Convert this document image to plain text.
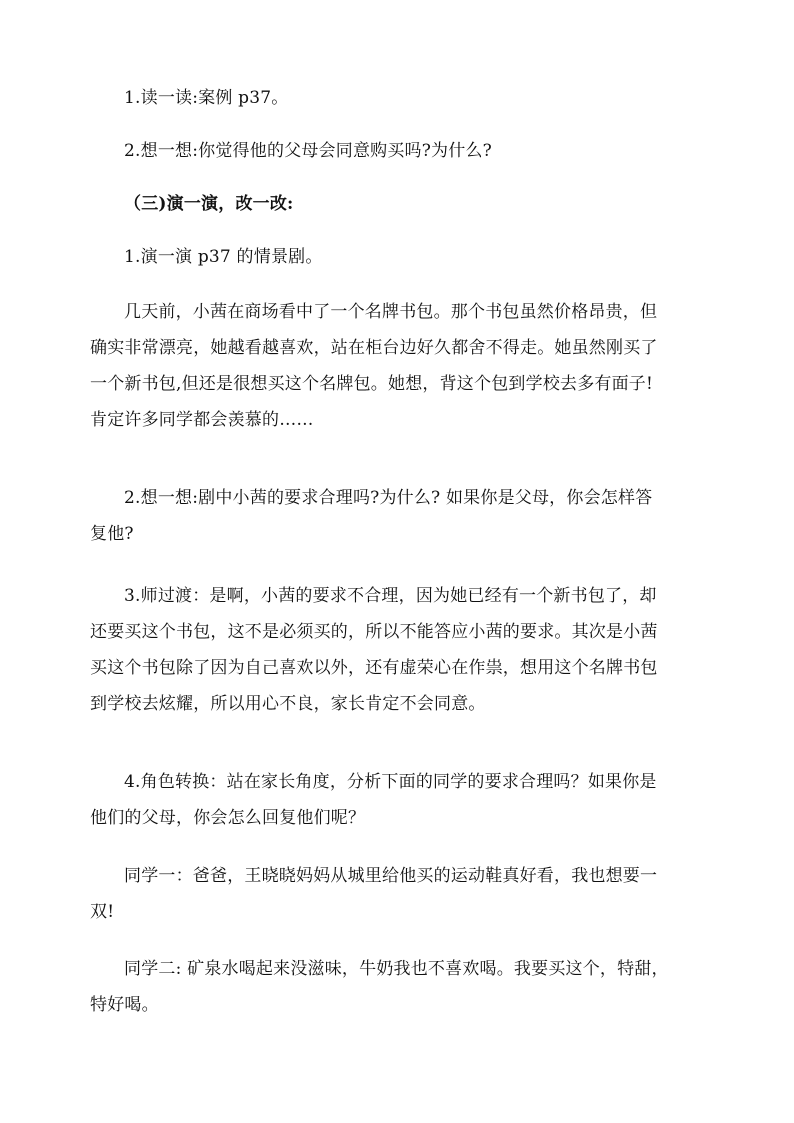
1.读一读:案例 p37。

2.想一想:你觉得他的父母会同意购买吗?为什么?

（三)演一演，改一改:

1.演一演 p37 的情景剧。

几天前，小茜在商场看中了一个名牌书包。那个书包虽然价格昂贵，但
确实非常漂亮，她越看越喜欢，站在柜台边好久都舍不得走。她虽然刚买了
一个新书包,但还是很想买这个名牌包。她想，背这个包到学校去多有面子!
肯定许多同学都会羡慕的……

2.想一想:剧中小茜的要求合理吗?为什么? 如果你是父母，你会怎样答
复他?

3.师过渡：是啊，小茜的要求不合理，因为她已经有一个新书包了，却
还要买这个书包，这不是必须买的，所以不能答应小茜的要求。其次是小茜
买这个书包除了因为自己喜欢以外，还有虚荣心在作祟，想用这个名牌书包
到学校去炫耀，所以用心不良，家长肯定不会同意。

4.角色转换：站在家长角度，分析下面的同学的要求合理吗？如果你是
他们的父母，你会怎么回复他们呢？

同学一：爸爸，王晓晓妈妈从城里给他买的运动鞋真好看，我也想要一
双!

同学二: 矿泉水喝起来没滋味，牛奶我也不喜欢喝。我要买这个，特甜，
特好喝。
